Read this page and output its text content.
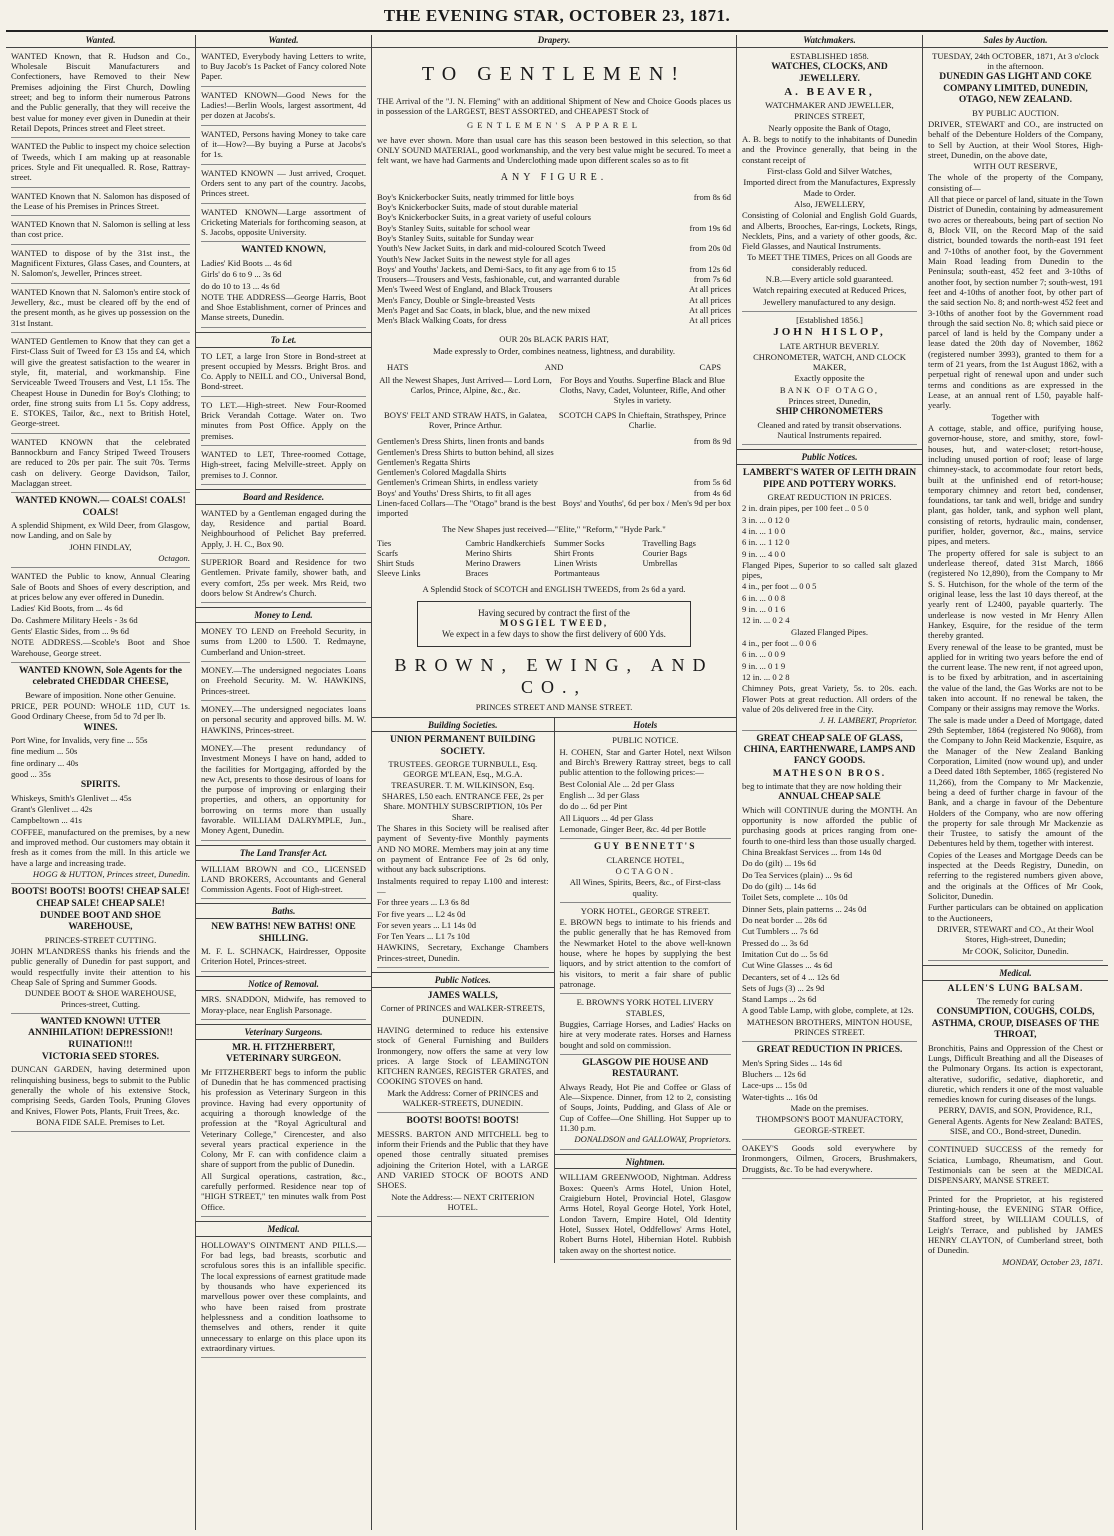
THE EVENING STAR, OCTOBER 23, 1871.
Wanted.

WANTED Known, that R. Hudson and Co., Wholesale Biscuit Manufacturers and Confectioners, have Removed to their New Premises adjoining the First Church, Dowling street; and beg to inform their numerous Patrons and the Public generally, that they will receive the best value for money ever given in Dunedin at their Retail Depots, Princes street and Fleet street.

WANTED the Public to inspect my choice selection of Tweeds, which I am making up at reasonable prices. Style and Fit unequalled. R. Rose, Rattray-street.

WANTED Known that N. Salomon has disposed of the Lease of his Premises in Princes Street.

WANTED Known that N. Salomon is selling at less than cost price.

WANTED to dispose of by the 31st inst., the Magnificent Fixtures, Glass Cases, and Counters, at N. Salomon's, Jeweller, Princes street.

WANTED Known that N. Salomon's entire stock of Jewellery, &c., must be cleared off by the end of the present month, as he gives up possession on the 31st Instant.

WANTED Gentlemen to Know that they can get a First-Class Suit of Tweed for £3 15s and £4, which will give the greatest satisfaction to the wearer in style, fit, material, and workmanship. Fine Serviceable Tweed Trousers and Vest, L1 15s. The Cheapest House in Dunedin for Boy's Clothing; to order, fine strong suits from L1 5s. Copy address, E. STOKES, Tailor, &c., next to British Hotel, George-street.

WANTED KNOWN that the celebrated Bannockburn and Fancy Striped Tweed Trousers are reduced to 20s per pair. The suit 70s. Terms cash on delivery. George Davidson, Tailor, Maclaggan street.

WANTED KNOWN.— COALS! COALS! COALS!

A splendid Shipment, ex Wild Deer, from Glasgow, now Landing, and on Sale by

JOHN FINDLAY,

Octagon.

WANTED the Public to know, Annual Clearing Sale of Boots and Shoes of every description, and at prices below any ever offered in Dunedin.

Ladies' Kid Boots, from ... 4s 6d

Do. Cashmere Military Heels - 3s 6d

Gents' Elastic Sides, from ... 9s 6d

NOTE ADDRESS.—Scoble's Boot and Shoe Warehouse, George street.

WANTED KNOWN, Sole Agents for the celebrated CHEDDAR CHEESE,

Beware of imposition. None other Genuine.

PRICE, PER POUND: WHOLE 11D, CUT 1s. Good Ordinary Cheese, from 5d to 7d per lb.

WINES.

Port Wine, for Invalids, very fine ... 55s

fine medium ... 50s

fine ordinary ... 40s

good ... 35s

SPIRITS.

Whiskeys, Smith's Glenlivet ... 45s

Grant's Glenlivet ... 42s

Campbeltown ... 41s

COFFEE, manufactured on the premises, by a new and improved method. Our customers may obtain it fresh as it comes from the mill. In this article we have a large and increasing trade.

HOGG & HUTTON, Princes street, Dunedin.

BOOTS! BOOTS! BOOTS! CHEAP SALE! CHEAP SALE! CHEAP SALE!

DUNDEE BOOT AND SHOE WAREHOUSE,

PRINCES-STREET CUTTING.

JOHN M'LANDRESS thanks his friends and the public generally of Dunedin for past support, and would respectfully invite their attention to his Cheap Sale of Spring and Summer Goods.

DUNDEE BOOT & SHOE WAREHOUSE, Princes-street, Cutting.

WANTED KNOWN! UTTER ANNIHILATION! DEPRESSION!! RUINATION!!!

VICTORIA SEED STORES.

DUNCAN GARDEN, having determined upon relinquishing business, begs to submit to the Public generally the whole of his extensive Stock, comprising Seeds, Garden Tools, Pruning Gloves and Knives, Flower Pots, Plants, Fruit Trees, &c.

BONA FIDE SALE. Premises to Let.

Wanted.

WANTED, Everybody having Letters to write, to Buy Jacob's 1s Packet of Fancy colored Note Paper.

WANTED KNOWN—Good News for the Ladies!—Berlin Wools, largest assortment, 4d per dozen at Jacobs's.

WANTED, Persons having Money to take care of it—How?—By buying a Purse at Jacobs's for 1s.

WANTED KNOWN — Just arrived, Croquet. Orders sent to any part of the country. Jacobs, Princes street.

WANTED KNOWN—Large assortment of Cricketing Materials for forthcoming season, at S. Jacobs, opposite University.

WANTED KNOWN,

Ladies' Kid Boots ... 4s 6d

Girls' do 6 to 9 ... 3s 6d

do do 10 to 13 ... 4s 6d

NOTE THE ADDRESS—George Harris, Boot and Shoe Establishment, corner of Princes and Manse streets, Dunedin.

To Let.

TO LET, a large Iron Store in Bond-street at present occupied by Messrs. Bright Bros. and Co. Apply to NEILL and CO., Universal Bond, Bond-street.

TO LET.—High-street. New Four-Roomed Brick Verandah Cottage. Water on. Two minutes from Post Office. Apply on the premises.

WANTED to LET, Three-roomed Cottage, High-street, facing Melville-street. Apply on premises to J. Connor.

Board and Residence.

WANTED by a Gentleman engaged during the day, Residence and partial Board. Neighbourhood of Pelichet Bay preferred. Apply, J. H. C., Box 90.

SUPERIOR Board and Residence for two Gentlemen. Private family, shower bath, and every comfort, 25s per week. Mrs Reid, two doors below St Andrew's Church.

Money to Lend.

MONEY TO LEND on Freehold Security, in sums from L200 to L500. T. Redmayne, Cumberland and Union-street.

MONEY.—The undersigned negociates Loans on Freehold Security. M. W. HAWKINS, Princes-street.

MONEY.—The undersigned negociates loans on personal security and approved bills. M. W. HAWKINS, Princes-street.

MONEY.—The present redundancy of Investment Moneys I have on hand, added to the facilities for Mortgaging, afforded by the new Act, presents to those desirous of loans for the purpose of improving or enlarging their properties, and others, an opportunity for borrowing on terms more than usually favorable. WILLIAM DALRYMPLE, Jun., Money Agent, Dunedin.

The Land Transfer Act.

WILLIAM BROWN and CO., LICENSED LAND BROKERS, Accountants and General Commission Agents. Foot of High-street.

Baths.

NEW BATHS! NEW BATHS! ONE SHILLING.

M. F. L. SCHNACK, Hairdresser, Opposite Criterion Hotel, Princes-street.

Notice of Removal.

MRS. SNADDON, Midwife, has removed to Moray-place, near English Parsonage.

Veterinary Surgeons.

MR. H. FITZHERBERT, VETERINARY SURGEON.

Mr FITZHERBERT begs to inform the public of Dunedin that he has commenced practising his profession as Veterinary Surgeon in this province. Having had every opportunity of acquiring a thorough knowledge of the profession at the "Royal Agricultural and Veterinary College," Cirencester, and also several years practical experience in the Colony, Mr F. can with confidence claim a share of support from the public of Dunedin.

All Surgical operations, castration, &c., carefully performed. Residence near top of "HIGH STREET," ten minutes walk from Post Office.

Medical.

HOLLOWAY'S OINTMENT AND PILLS.—For bad legs, bad breasts, scorbutic and scrofulous sores this is an infallible specific. The local expressions of earnest gratitude made by thousands who have experienced its marvellous power over these complaints, and who have been raised from prostrate helplessness and a condition loathsome to themselves and others, render it quite unnecessary to enlarge on this place upon its extraordinary virtues.

Drapery.
TO GENTLEMEN!

THE Arrival of the "J. N. Fleming" with an additional Shipment of New and Choice Goods places us in possession of the LARGEST, BEST ASSORTED, and CHEAPEST Stock of

GENTLEMEN'S APPAREL

we have ever shown. More than usual care has this season been bestowed in this selection, so that ONLY SOUND MATERIAL, good workmanship, and the very best value might be secured. To meet a felt want, we have had Garments and Underclothing made upon different scales so as to fit

ANY FIGURE.

Boy's Knickerbocker Suits, neatly trimmed for little boys	from 8s 6d
Boy's Knickerbocker Suits, made of stout durable material
Boy's Knickerbocker Suits, in a great variety of useful colours
Boy's Stanley Suits, suitable for school wear	from 19s 6d
Boy's Stanley Suits, suitable for Sunday wear
Youth's New Jacket Suits, in dark and mid-coloured Scotch Tweed	from 20s 0d
Youth's New Jacket Suits in the newest style for all ages
Boys' and Youths' Jackets, and Demi-Sacs, to fit any age from 6 to 15	from 12s 6d
Trousers—Trousers and Vests, fashionable, cut, and warranted durable	from 7s 6d
Men's Tweed West of England, and Black Trousers	At all prices
Men's Fancy, Double or Single-breasted Vests	At all prices
Men's Paget and Sac Coats, in black, blue, and the new mixed	At all prices
Men's Black Walking Coats, for dress	At all prices

OUR 20s BLACK PARIS HAT,

Made expressly to Order, combines neatness, lightness, and durability.

HATS	AND	CAPS
All the Newest Shapes, Just Arrived— Lord Lorn, Carlos, Prince, Alpine, &c., &c.
For Boys and Youths. Superfine Black and Blue Cloths, Navy, Cadet, Volunteer, Rifle, And other Styles in variety.
BOYS' FELT AND STRAW HATS, in Galatea, Rover, Prince Arthur.
SCOTCH CAPS In Chieftain, Strathspey, Prince Charlie.
Gentlemen's Dress Shirts, linen fronts and bands	from 8s 9d
Gentlemen's Dress Shirts to button behind, all sizes
Gentlemen's Regatta Shirts
Gentlemen's Colored Magdalla Shirts
Gentlemen's Crimean Shirts, in endless variety	from 5s 6d
Boys' and Youths' Dress Shirts, to fit all ages	from 4s 6d
Linen-faced Collars—The "Otago" brand is the best imported
Boys' and Youths', 6d per box / Men's 9d per box

The New Shapes just received—"Elite," "Reform," "Hyde Park."

Ties	Cambric Handkerchiefs	Summer Socks	Travelling Bags
Scarfs	Merino Shirts	Shirt Fronts	Courier Bags
Shirt Studs	Merino Drawers	Linen Wrists	Umbrellas
Sleeve Links	Braces	Portmanteaus

A Splendid Stock of SCOTCH and ENGLISH TWEEDS, from 2s 6d a yard.

Having secured by contract the first of the
MOSGIEL TWEED,
We expect in a few days to show the first delivery of 600 Yds.
BROWN, EWING, AND CO.,

PRINCES STREET AND MANSE STREET.

Building Societies.

UNION PERMANENT BUILDING SOCIETY.

TRUSTEES. GEORGE TURNBULL, Esq. GEORGE M'LEAN, Esq., M.G.A. TREASURER. T. M. WILKINSON, Esq.

SHARES, L50 each. ENTRANCE FEE, 2s per Share. MONTHLY SUBSCRIPTION, 10s Per Share.

The Shares in this Society will be realised after payment of Seventy-five Monthly payments AND NO MORE. Members may join at any time on payment of Entrance Fee of 2s 6d only, without any back subscriptions.

Instalments required to repay L100 and interest:—

For three years ... L3 6s 8d

For five years ... L2 4s 0d

For seven years ... L1 14s 0d

For Ten Years ... L1 7s 10d

HAWKINS, Secretary, Exchange Chambers Princes-street, Dunedin.

Public Notices.

JAMES WALLS,

Corner of PRINCES and WALKER-STREETS, DUNEDIN.

HAVING determined to reduce his extensive stock of General Furnishing and Builders Ironmongery, now offers the same at very low prices. A large Stock of LEAMINGTON KITCHEN RANGES, REGISTER GRATES, and COOKING STOVES on hand.

Mark the Address: Corner of PRINCES and WALKER-STREETS, DUNEDIN.

BOOTS! BOOTS! BOOTS!

MESSRS. BARTON AND MITCHELL beg to inform their Friends and the Public that they have opened those centrally situated premises adjoining the Criterion Hotel, with a LARGE AND VARIED STOCK OF BOOTS AND SHOES.

Note the Address:— NEXT CRITERION HOTEL.

Hotels

PUBLIC NOTICE.

H. COHEN, Star and Garter Hotel, next Wilson and Birch's Brewery Rattray street, begs to call public attention to the following prices:—

Best Colonial Ale ... 2d per Glass

English ... 3d per Glass

do do ... 6d per Pint

All Liquors ... 4d per Glass

Lemonade, Ginger Beer, &c. 4d per Bottle

GUY BENNETT'S

CLARENCE HOTEL,

OCTAGON.

All Wines, Spirits, Beers, &c., of First-class quality.

YORK HOTEL, GEORGE STREET.

E. BROWN begs to intimate to his friends and the public generally that he has Removed from the Newmarket Hotel to the above well-known house, where he hopes by supplying the best liquors, and by strict attention to the comfort of his visitors, to merit a fair share of public patronage.

E. BROWN'S YORK HOTEL LIVERY STABLES,

Buggies, Carriage Horses, and Ladies' Hacks on hire at very moderate rates. Horses and Harness bought and sold on commission.

GLASGOW PIE HOUSE AND RESTAURANT.

Always Ready, Hot Pie and Coffee or Glass of Ale—Sixpence. Dinner, from 12 to 2, consisting of Soups, Joints, Pudding, and Glass of Ale or Cup of Coffee—One Shilling. Hot Supper up to 11.30 p.m.

DONALDSON and GALLOWAY, Proprietors.

Nightmen.

WILLIAM GREENWOOD, Nightman. Address Boxes: Queen's Arms Hotel, Union Hotel, Craigieburn Hotel, Provincial Hotel, Glasgow Arms Hotel, Royal George Hotel, York Hotel, London Tavern, Empire Hotel, Old Identity Hotel, Sussex Hotel, Oddfellows' Arms Hotel, Robert Burns Hotel, Hibernian Hotel. Rubbish taken away on the shortest notice.

Watchmakers.

ESTABLISHED 1858.

WATCHES, CLOCKS, AND JEWELLERY.

A. BEAVER,

WATCHMAKER AND JEWELLER,

PRINCES STREET,

Nearly opposite the Bank of Otago,

A. B. begs to notify to the inhabitants of Dunedin and the Province generally, that being in the constant receipt of

First-class Gold and Silver Watches,

Imported direct from the Manufactures, Expressly Made to Order.

Also, JEWELLERY,

Consisting of Colonial and English Gold Guards, and Alberts, Brooches, Ear-rings, Lockets, Rings, Necklets, Pins, and a variety of other goods, &c. Field Glasses, and Nautical Instruments.

To MEET THE TIMES, Prices on all Goods are considerably reduced.

N.B.—Every article sold guaranteed.

Watch repairing executed at Reduced Prices,

Jewellery manufactured to any design.

[Established 1856.]

JOHN HISLOP,

LATE ARTHUR BEVERLY.

CHRONOMETER, WATCH, AND CLOCK MAKER,

Exactly opposite the

BANK OF OTAGO,

Princes street, Dunedin,

SHIP CHRONOMETERS

Cleaned and rated by transit observations. Nautical Instruments repaired.

Public Notices.

LAMBERT'S WATER OF LEITH DRAIN PIPE AND POTTERY WORKS.

GREAT REDUCTION IN PRICES.

2 in. drain pipes, per 100 feet .. 0 5 0

3 in. ... 0 12 0

4 in. ... 1 0 0

6 in. ... 1 12 0

9 in. ... 4 0 0

Flanged Pipes, Superior to so called salt glazed pipes,

4 in., per foot ... 0 0 5

6 in. ... 0 0 8

9 in. ... 0 1 6

12 in. ... 0 2 4

Glazed Flanged Pipes.

4 in., per foot ... 0 0 6

6 in. ... 0 0 9

9 in. ... 0 1 9

12 in. ... 0 2 8

Chimney Pots, great Variety, 5s. to 20s. each. Flower Pots at great reduction. All orders of the value of 20s delivered free in the City.

J. H. LAMBERT, Proprietor.

GREAT CHEAP SALE OF GLASS, CHINA, EARTHENWARE, LAMPS AND FANCY GOODS.

MATHESON BROS.

beg to intimate that they are now holding their

ANNUAL CHEAP SALE

Which will CONTINUE during the MONTH. An opportunity is now afforded the public of purchasing goods at prices ranging from one-fourth to one-third less than those usually charged.

China Breakfast Services ... from 14s 0d

Do do (gilt) ... 19s 6d

Do Tea Services (plain) ... 9s 6d

Do do (gilt) ... 14s 6d

Toilet Sets, complete ... 10s 0d

Dinner Sets, plain patterns ... 24s 0d

Do neat border ... 28s 6d

Cut Tumblers ... 7s 6d

Pressed do ... 3s 6d

Imitation Cut do ... 5s 6d

Cut Wine Glasses ... 4s 6d

Decanters, set of 4 ... 12s 6d

Sets of Jugs (3) ... 2s 9d

Stand Lamps ... 2s 6d

A good Table Lamp, with globe, complete, at 12s.

MATHESON BROTHERS, MINTON HOUSE, PRINCES STREET.

GREAT REDUCTION IN PRICES.

Men's Spring Sides ... 14s 6d

Bluchers ... 12s 6d

Lace-ups ... 15s 0d

Water-tights ... 16s 0d

Made on the premises.

THOMPSON'S BOOT MANUFACTORY, GEORGE-STREET.

OAKEY'S Goods sold everywhere by Ironmongers, Oilmen, Grocers, Brushmakers, Druggists, &c. To be had everywhere.

Sales by Auction.

TUESDAY, 24th OCTOBER, 1871, At 3 o'clock in the afternoon.

DUNEDIN GAS LIGHT AND COKE COMPANY LIMITED, DUNEDIN, OTAGO, NEW ZEALAND.

BY PUBLIC AUCTION.

DRIVER, STEWART and CO., are instructed on behalf of the Debenture Holders of the Company, to Sell by Auction, at their Wool Stores, High-street, Dunedin, on the above date,

WITH OUT RESERVE,

The whole of the property of the Company, consisting of—

All that piece or parcel of land, situate in the Town District of Dunedin, containing by admeasurement two acres or thereabouts, being part of section No 8, Block VII, on the Record Map of the said district, bounded towards the north-east 191 feet and 7-10ths of another foot, by the Government Main Road leading from Dunedin to the Peninsula; south-east, 452 feet and 3-10ths of another foot, by section number 7; south-west, 191 feet and 4-10ths of another foot, by other part of the said section No. 8; and north-west 452 feet and 3-10ths of another foot by the Government road through the said section No. 8; which said piece or parcel of land is held by the Company under a lease dated the 20th day of November, 1862 (registered number 3993), granted to them for a term of 21 years, from the 1st August 1862, with a perpetual right of renewal upon and under such terms and conditions as are expressed in the Lease, at an annual rent of L50, payable half-yearly.

Together with

A cottage, stable, and office, purifying house, governor-house, store, and smithy, store, fowl-houses, hut, and water-closet; retort-house, including unused portion of roof; lease of large chimney-stack, to accommodate four retort beds, built at the unfinished end of retort-house; temporary chimney and retort bed, condenser, foundations, tar tank and well, bridge and sundry plant, gas holder, tank, and syphon well plant, consisting of retorts, hydraulic main, condenser, purifier, holder, governor, &c., mains, service pipes, and meters.

The property offered for sale is subject to an underlease thereof, dated 31st March, 1866 (registered No 12,890), from the Company to Mr S. S. Hutchison, for the whole of the term of the original lease, less the last 10 days thereof, at the yearly rent of L2400, payable quarterly. The underlease is now vested in Mr Henry Allen Hankey, Esquire, for the residue of the term thereby granted.

Every renewal of the lease to be granted, must be applied for in writing two years before the end of the current lease. The new rent, if not agreed upon, is to be fixed by arbitration, and in ascertaining the value of the land, the Gas Works are not to be taken into account. If no renewal be taken, the Company or their assigns may remove the Works.

The sale is made under a Deed of Mortgage, dated 29th September, 1864 (registered No 9068), from the Company to John Reid Mackenzie, Esquire, as the Manager of the New Zealand Banking Corporation, Limited (now wound up), and under a Deed dated 18th September, 1865 (registered No 11,266), from the Company to Mr Mackenzie, being a deed of further charge in favour of the Bank, and a charge in favour of the Debenture Holders of the Company, who are now offering the property for sale through Mr Mackenzie as their Trustee, to satisfy the amount of the Debentures held by them, together with interest.

Copies of the Leases and Mortgage Deeds can be inspected at the Deeds Registry, Dunedin, on referring to the registered numbers given above, and the originals at the Offices of Mr Cook, Solicitor, Dunedin.

Further particulars can be obtained on application to the Auctioneers,

DRIVER, STEWART and CO., At their Wool Stores, High-street, Dunedin;

Mr COOK, Solicitor, Dunedin.

Medical.

ALLEN'S LUNG BALSAM.

The remedy for curing

CONSUMPTION, COUGHS, COLDS, ASTHMA, CROUP, DISEASES OF THE THROAT,

Bronchitis, Pains and Oppression of the Chest or Lungs, Difficult Breathing and all the Diseases of the Pulmonary Organs. Its action is expectorant, alterative, sudorific, sedative, diaphoretic, and diuretic, which renders it one of the most valuable remedies known for curing diseases of the lungs.

PERRY, DAVIS, and SON, Providence, R.I., General Agents. Agents for New Zealand: BATES, SISE, and CO., Bond-street, Dunedin.

CONTINUED SUCCESS of the remedy for Sciatica, Lumbago, Rheumatism, and Gout. Testimonials can be seen at the MEDICAL DISPENSARY, MANSE STREET.

Printed for the Proprietor, at his registered Printing-house, the EVENING STAR Office, Stafford street, by WILLIAM COULLS, of Leigh's Terrace, and published by JAMES HENRY CLAYTON, of Cumberland street, both of Dunedin.

MONDAY, October 23, 1871.
